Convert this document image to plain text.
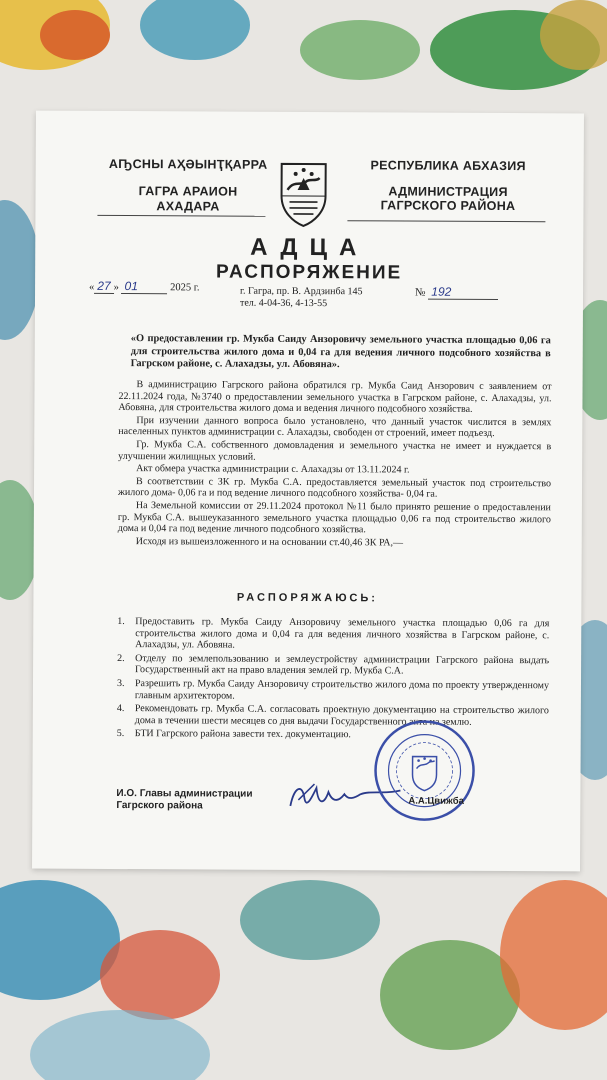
АҦСНЫ АҲӘЫНҬҚАРРА
ГАГРА АРАИОН
АХАДАРА
РЕСПУБЛИКА АБХАЗИЯ
АДМИНИСТРАЦИЯ
ГАГРСКОГО РАЙОНА
АДЦА
РАСПОРЯЖЕНИЕ
« 27 » 01	2025 г.	г. Гагра, пр. В. Ардзинба 145
тел. 4-04-36, 4-13-55
№ 192
«О предоставлении гр. Мукба Саиду Анзоровичу земельного участка площадью 0,06 га для строительства жилого дома и 0,04 га для ведения личного подсобного хозяйства в Гагрском районе, с. Алахадзы, ул. Абовяна».

В администрацию Гагрского района обратился гр. Мукба Саид Анзорович с заявлением от 22.11.2024 года, №3740 о предоставлении земельного участка в Гагрском районе, с. Алахадзы, ул. Абовяна, для строительства жилого дома и ведения личного подсобного хозяйства.

При изучении данного вопроса было установлено, что данный участок числится в землях населенных пунктов администрации с. Алахадзы, свободен от строений, имеет подъезд.

Гр. Мукба С.А. собственного домовладения и земельного участка не имеет и нуждается в улучшении жилищных условий.

Акт обмера участка администрации с. Алахадзы от 13.11.2024 г.

В соответствии с ЗК гр. Мукба С.А. предоставляется земельный участок под строительство жилого дома- 0,06 га и под ведение личного подсобного хозяйства- 0,04 га.

На Земельной комиссии от 29.11.2024 протокол №11 было принято решение о предоставлении гр. Мукба С.А. вышеуказанного земельного участка площадью 0,06 га под строительство жилого дома и 0,04 га под ведение личного подсобного хозяйства.

Исходя из вышеизложенного и на основании ст.40,46 ЗК РА,—

РАСПОРЯЖАЮСЬ:
1.	Предоставить гр. Мукба Саиду Анзоровичу земельного участка площадью 0,06 га для строительства жилого дома и 0,04 га для ведения личного хозяйства в Гагрском районе, с. Алахадзы, ул. Абовяна.
2.	Отделу по землепользованию и землеустройству администрации Гагрского района выдать Государственный акт на право владения землей гр. Мукба С.А.
3.	Разрешить гр. Мукба Саиду Анзоровичу строительство жилого дома по проекту утвержденному главным архитектором.
4.	Рекомендовать гр. Мукба С.А. согласовать проектную документацию на строительство жилого дома в течении шести месяцев со дня выдачи Государственного акта на землю.
5.	БТИ Гагрского района завести тех. документацию.
И.О. Главы администрации
Гагрского района	А.А.Цвижба
